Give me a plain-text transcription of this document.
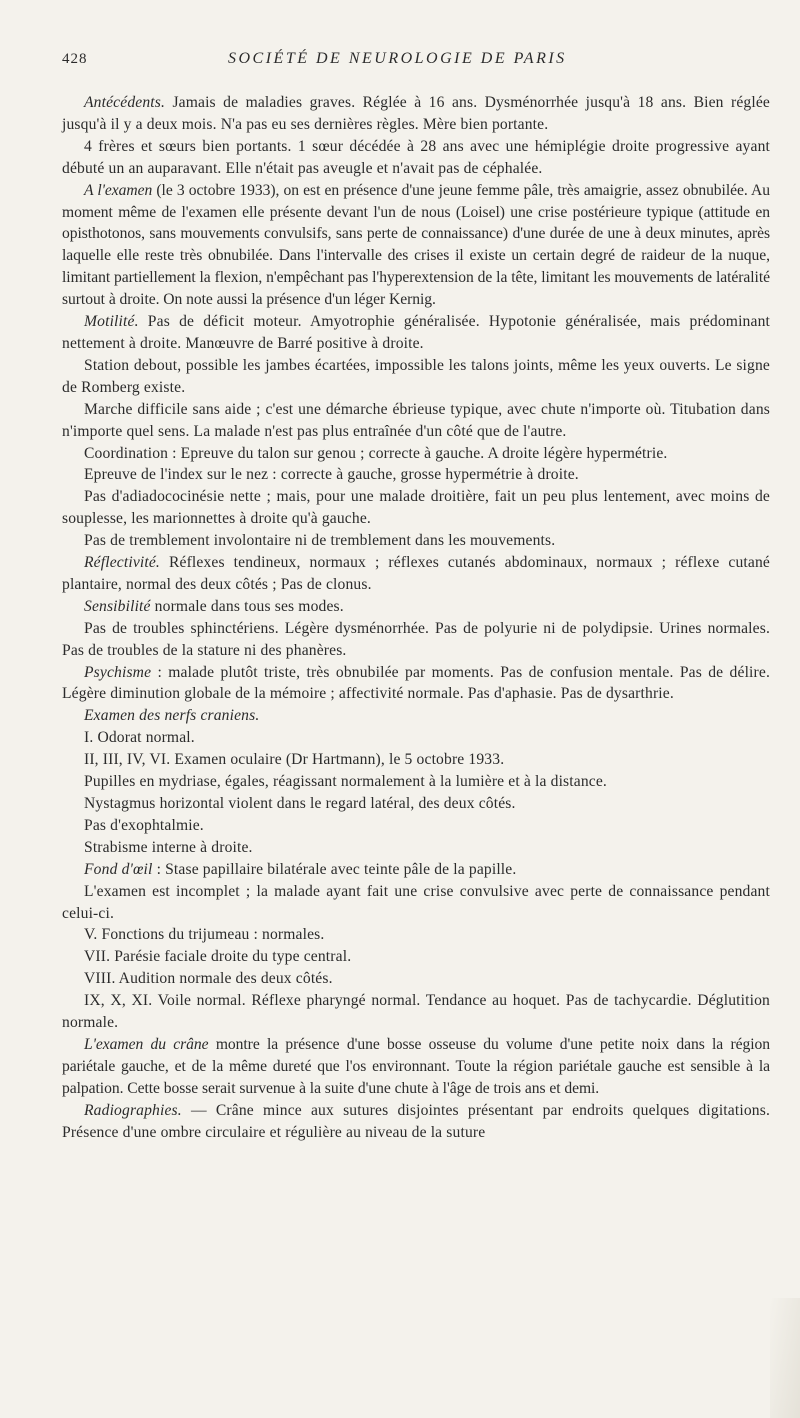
428	SOCIÉTÉ DE NEUROLOGIE DE PARIS

Antécédents. Jamais de maladies graves. Réglée à 16 ans. Dysménorrhée jusqu'à 18 ans. Bien réglée jusqu'à il y a deux mois. N'a pas eu ses dernières règles. Mère bien portante.

4 frères et sœurs bien portants. 1 sœur décédée à 28 ans avec une hémiplégie droite progressive ayant débuté un an auparavant. Elle n'était pas aveugle et n'avait pas de céphalée.

A l'examen (le 3 octobre 1933), on est en présence d'une jeune femme pâle, très amaigrie, assez obnubilée. Au moment même de l'examen elle présente devant l'un de nous (Loisel) une crise postérieure typique (attitude en opisthotonos, sans mouvements convulsifs, sans perte de connaissance) d'une durée de une à deux minutes, après laquelle elle reste très obnubilée. Dans l'intervalle des crises il existe un certain degré de raideur de la nuque, limitant partiellement la flexion, n'empêchant pas l'hyperextension de la tête, limitant les mouvements de latéralité surtout à droite. On note aussi la présence d'un léger Kernig.

Motilité. Pas de déficit moteur. Amyotrophie généralisée. Hypotonie généralisée, mais prédominant nettement à droite. Manœuvre de Barré positive à droite.

Station debout, possible les jambes écartées, impossible les talons joints, même les yeux ouverts. Le signe de Romberg existe.

Marche difficile sans aide ; c'est une démarche ébrieuse typique, avec chute n'importe où. Titubation dans n'importe quel sens. La malade n'est pas plus entraînée d'un côté que de l'autre.

Coordination : Epreuve du talon sur genou ; correcte à gauche. A droite légère hypermétrie.

Epreuve de l'index sur le nez : correcte à gauche, grosse hypermétrie à droite.

Pas d'adiadococinésie nette ; mais, pour une malade droitière, fait un peu plus lentement, avec moins de souplesse, les marionnettes à droite qu'à gauche.

Pas de tremblement involontaire ni de tremblement dans les mouvements.

Réflectivité. Réflexes tendineux, normaux ; réflexes cutanés abdominaux, normaux ; réflexe cutané plantaire, normal des deux côtés ; Pas de clonus.

Sensibilité normale dans tous ses modes.

Pas de troubles sphinctériens. Légère dysménorrhée. Pas de polyurie ni de polydipsie. Urines normales. Pas de troubles de la stature ni des phanères.

Psychisme : malade plutôt triste, très obnubilée par moments. Pas de confusion mentale. Pas de délire. Légère diminution globale de la mémoire ; affectivité normale. Pas d'aphasie. Pas de dysarthrie.

Examen des nerfs craniens.

I. Odorat normal.

II, III, IV, VI. Examen oculaire (Dr Hartmann), le 5 octobre 1933.

Pupilles en mydriase, égales, réagissant normalement à la lumière et à la distance.

Nystagmus horizontal violent dans le regard latéral, des deux côtés.

Pas d'exophtalmie.

Strabisme interne à droite.

Fond d'œil : Stase papillaire bilatérale avec teinte pâle de la papille.

L'examen est incomplet ; la malade ayant fait une crise convulsive avec perte de connaissance pendant celui-ci.

V. Fonctions du trijumeau : normales.

VII. Parésie faciale droite du type central.

VIII. Audition normale des deux côtés.

IX, X, XI. Voile normal. Réflexe pharyngé normal. Tendance au hoquet. Pas de tachycardie. Déglutition normale.

L'examen du crâne montre la présence d'une bosse osseuse du volume d'une petite noix dans la région pariétale gauche, et de la même dureté que l'os environnant. Toute la région pariétale gauche est sensible à la palpation. Cette bosse serait survenue à la suite d'une chute à l'âge de trois ans et demi.

Radiographies. — Crâne mince aux sutures disjointes présentant par endroits quelques digitations. Présence d'une ombre circulaire et régulière au niveau de la suture
